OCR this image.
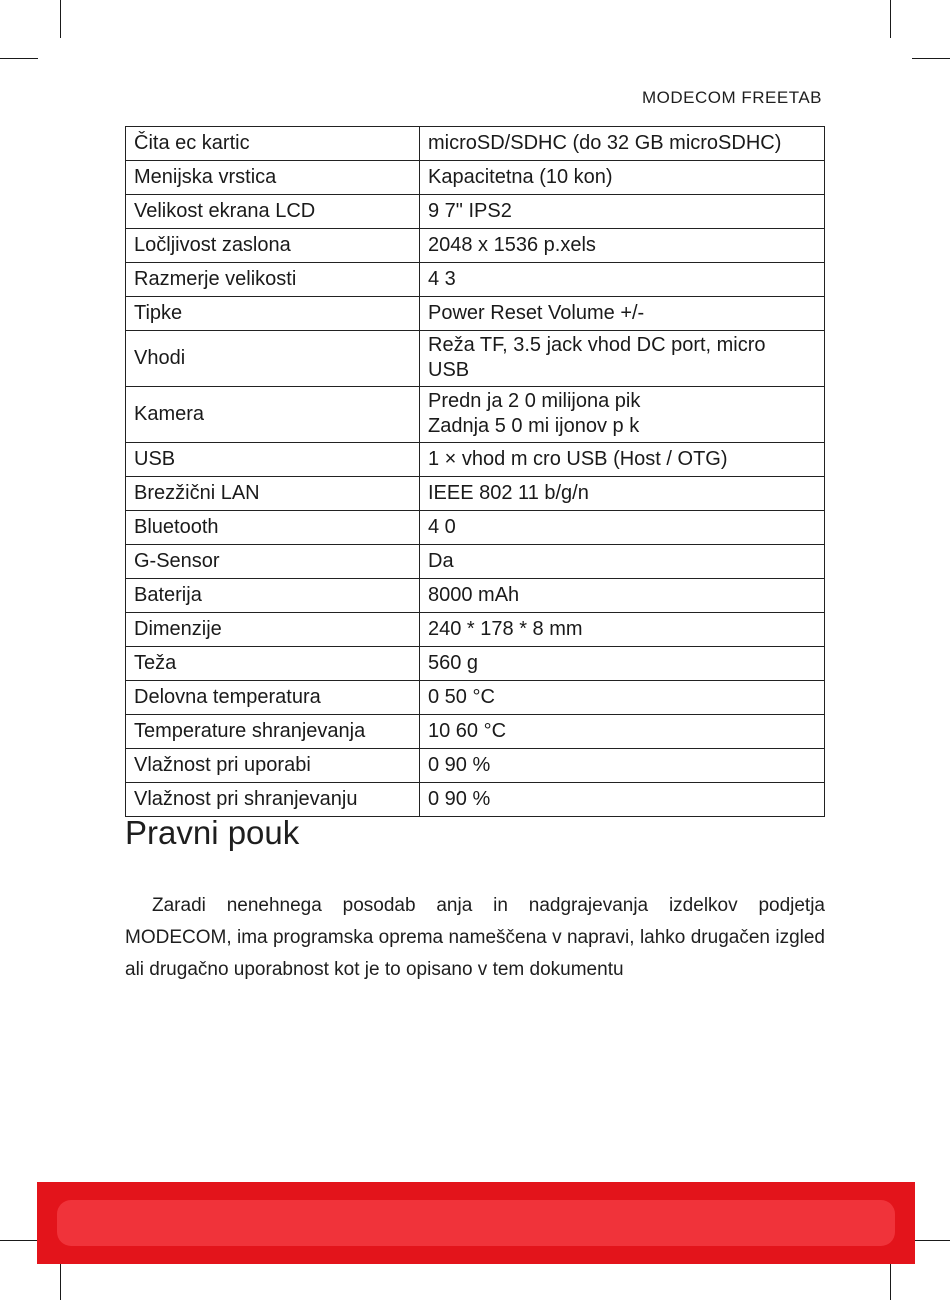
MODECOM FREETAB
Čita ec kartic	microSD/SDHC (do 32 GB microSDHC)

Menijska vrstica	Kapacitetna (10 kon)

Velikost ekrana LCD	9 7" IPS2

Ločljivost zaslona	2048 x 1536 p.xels

Razmerje velikosti	4 3

Tipke	Power Reset Volume +/-

Vhodi	Reža TF, 3.5 jack vhod DC port, micro
USB

Kamera	Predn ja 2 0 milijona pik
Zadnja 5 0 mi ijonov p k

USB	1 × vhod m cro USB (Host / OTG)

Brezžični LAN	IEEE 802 11 b/g/n

Bluetooth	4 0

G-Sensor	Da

Baterija	8000 mAh

Dimenzije	240 * 178 * 8 mm

Teža	560 g

Delovna temperatura	0 50 °C

Temperature shranjevanja	10 60 °C

Vlažnost pri uporabi	0 90 %

Vlažnost pri shranjevanju	0 90 %
Pravni pouk

Zaradi nenehnega posodab anja in nadgrajevanja izdelkov podjetja MODECOM, ima programska oprema nameščena v napravi, lahko drugačen izgled ali drugačno uporabnost kot je to opisano v tem dokumentu
